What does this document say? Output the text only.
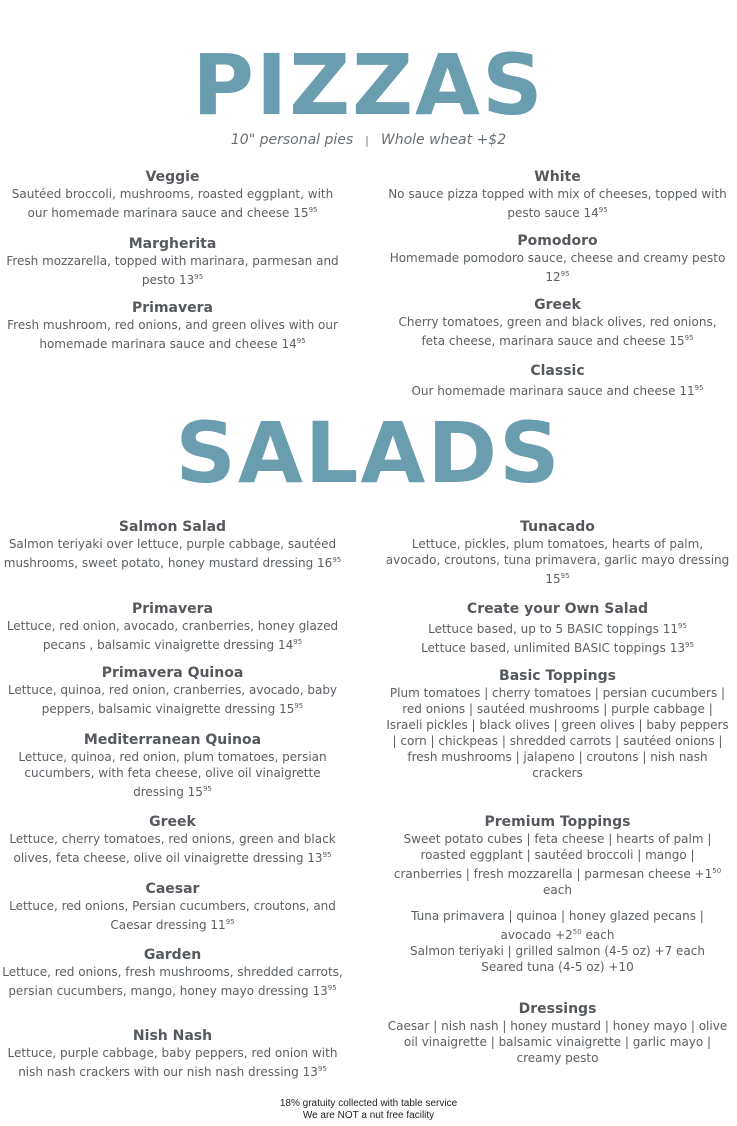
PIZZAS
10" personal pies | Whole wheat +$2
Veggie
Sautéed broccoli, mushrooms, roasted eggplant, with our homemade marinara sauce and cheese $15^{95}$
Margherita
Fresh mozzarella, topped with marinara, parmesan and pesto $13^{95}$
Primavera
Fresh mushroom, red onions, and green olives with our homemade marinara sauce and cheese $14^{95}$
White
No sauce pizza topped with mix of cheeses, topped with pesto sauce $14^{95}$
Pomodoro
Homemade pomodoro sauce, cheese and creamy pesto $12^{95}$
Greek
Cherry tomatoes, green and black olives, red onions, feta cheese, marinara sauce and cheese $15^{95}$
Classic
Our homemade marinara sauce and cheese $11^{95}$
SALADS
Salmon Salad
Salmon teriyaki over lettuce, purple cabbage, sautéed mushrooms, sweet potato, honey mustard dressing $16^{95}$
Primavera
Lettuce, red onion, avocado, cranberries, honey glazed pecans , balsamic vinaigrette dressing $14^{95}$
Primavera Quinoa
Lettuce, quinoa, red onion, cranberries, avocado, baby peppers, balsamic vinaigrette dressing $15^{95}$
Mediterranean Quinoa
Lettuce, quinoa, red onion, plum tomatoes, persian cucumbers, with feta cheese, olive oil vinaigrette dressing $15^{95}$
Greek
Lettuce, cherry tomatoes, red onions, green and black olives, feta cheese, olive oil vinaigrette dressing $13^{95}$
Caesar
Lettuce, red onions, Persian cucumbers, croutons, and Caesar dressing $11^{95}$
Garden
Lettuce, red onions, fresh mushrooms, shredded carrots, persian cucumbers, mango, honey mayo dressing $13^{95}$
Nish Nash
Lettuce, purple cabbage, baby peppers, red onion with nish nash crackers with our nish nash dressing $13^{95}$
Tunacado
Lettuce, pickles, plum tomatoes, hearts of palm, avocado, croutons, tuna primavera, garlic mayo dressing $15^{95}$
Create your Own Salad
Lettuce based, up to 5 BASIC toppings $11^{95}$
Lettuce based, unlimited BASIC toppings $13^{95}$
Basic Toppings
Plum tomatoes | cherry tomatoes | persian cucumbers | red onions | sautéed mushrooms | purple cabbage | Israeli pickles | black olives | green olives | baby peppers | corn | chickpeas | shredded carrots | sautéed onions | fresh mushrooms | jalapeno | croutons | nish nash crackers
Premium Toppings
Sweet potato cubes | feta cheese | hearts of palm | roasted eggplant | sautéed broccoli | mango | cranberries | fresh mozzarella | parmesan cheese $+1^{50}$ each
Tuna primavera | quinoa | honey glazed pecans | avocado $+2^{50}$ each
Salmon teriyaki | grilled salmon (4-5 oz) +7 each
Seared tuna (4-5 oz) +10
Dressings
Caesar | nish nash | honey mustard | honey mayo | olive oil vinaigrette | balsamic vinaigrette | garlic mayo | creamy pesto
18% gratuity collected with table service
We are NOT a nut free facility
